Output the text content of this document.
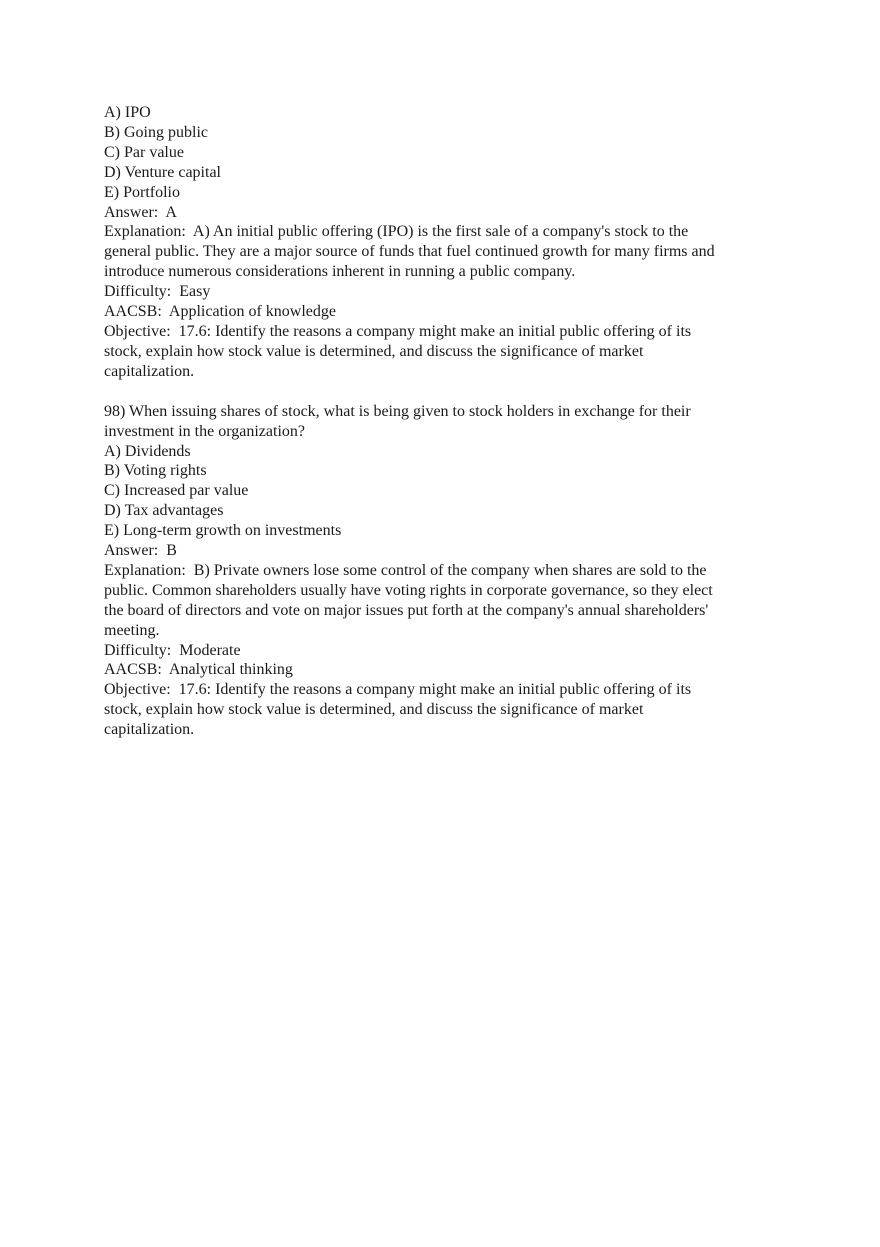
A) IPO
B) Going public
C) Par value
D) Venture capital
E) Portfolio
Answer: A
Explanation: A) An initial public offering (IPO) is the first sale of a company's stock to the
general public. They are a major source of funds that fuel continued growth for many firms and
introduce numerous considerations inherent in running a public company.
Difficulty: Easy
AACSB: Application of knowledge
Objective: 17.6: Identify the reasons a company might make an initial public offering of its
stock, explain how stock value is determined, and discuss the significance of market
capitalization.
98) When issuing shares of stock, what is being given to stock holders in exchange for their
investment in the organization?
A) Dividends
B) Voting rights
C) Increased par value
D) Tax advantages
E) Long-term growth on investments
Answer: B
Explanation: B) Private owners lose some control of the company when shares are sold to the
public. Common shareholders usually have voting rights in corporate governance, so they elect
the board of directors and vote on major issues put forth at the company's annual shareholders'
meeting.
Difficulty: Moderate
AACSB: Analytical thinking
Objective: 17.6: Identify the reasons a company might make an initial public offering of its
stock, explain how stock value is determined, and discuss the significance of market
capitalization.
